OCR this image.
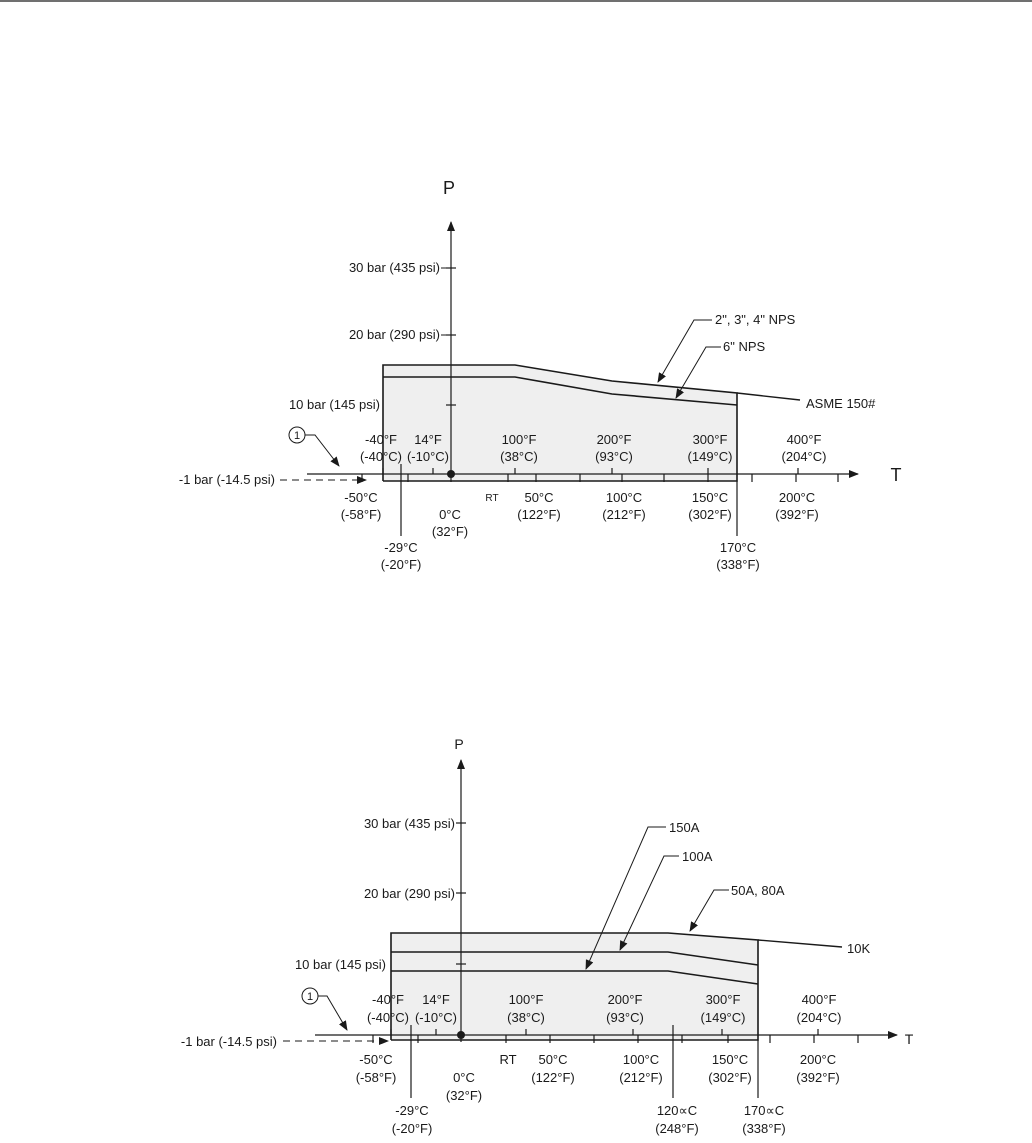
1
P
T
30 bar (435 psi)
20 bar (290 psi)
10 bar (145 psi)
-1 bar (-14.5 psi)
-40°F
(-40°C)
14°F
(-10°C)
100°F
(38°C)
200°F
(93°C)
300°F
(149°C)
400°F
(204°C)
-50°C
(-58°F)	0°C
(32°F)
RT 50°C
(122°F)
100°C
(212°F)
150°C
(302°F)
200°C
(392°F)
-29°C
(-20°F)
170°C
(338°F)
2", 3", 4" NPS
6" NPS
ASME 150#
1
P
T
30 bar (435 psi)
20 bar (290 psi)
10 bar (145 psi)
-1 bar (-14.5 psi)
-40°F
(-40°C)
14°F
(-10°C)
100°F
(38°C)
200°F
(93°C)
300°F
(149°C)
400°F
(204°C)
-50°C
(-58°F)	0°C
(32°F)
RT 50°C
(122°F)
100°C
(212°F)
150°C
(302°F)
200°C
(392°F)
-29°C
(-20°F)
120∝C
(248°F)
170∝C
(338°F)
150A
100A
50A, 80A
10K
